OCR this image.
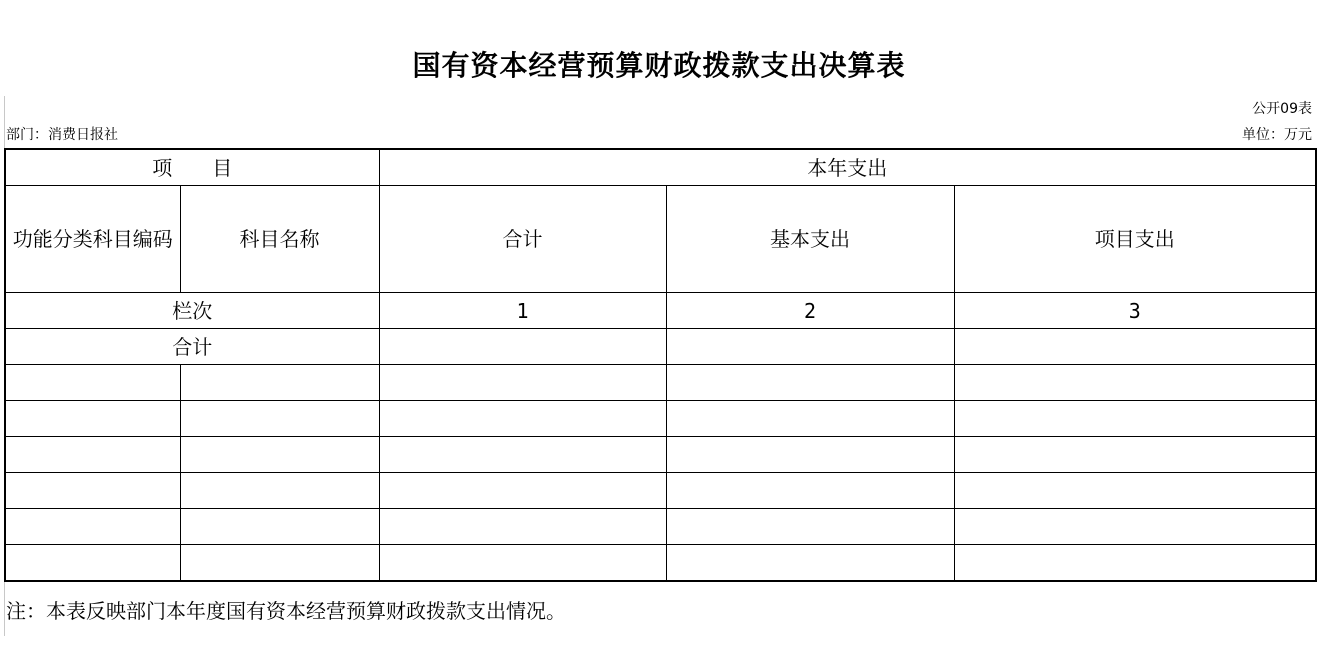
国有资本经营预算财政拨款支出决算表
公开09表
部门：消费日报社	单位：万元
项　　目		本年支出		
功能分类科目编码	科目名称	合计	基本支出	项目支出
栏次		1	2	3
合计				

注：本表反映部门本年度国有资本经营预算财政拨款支出情况。
